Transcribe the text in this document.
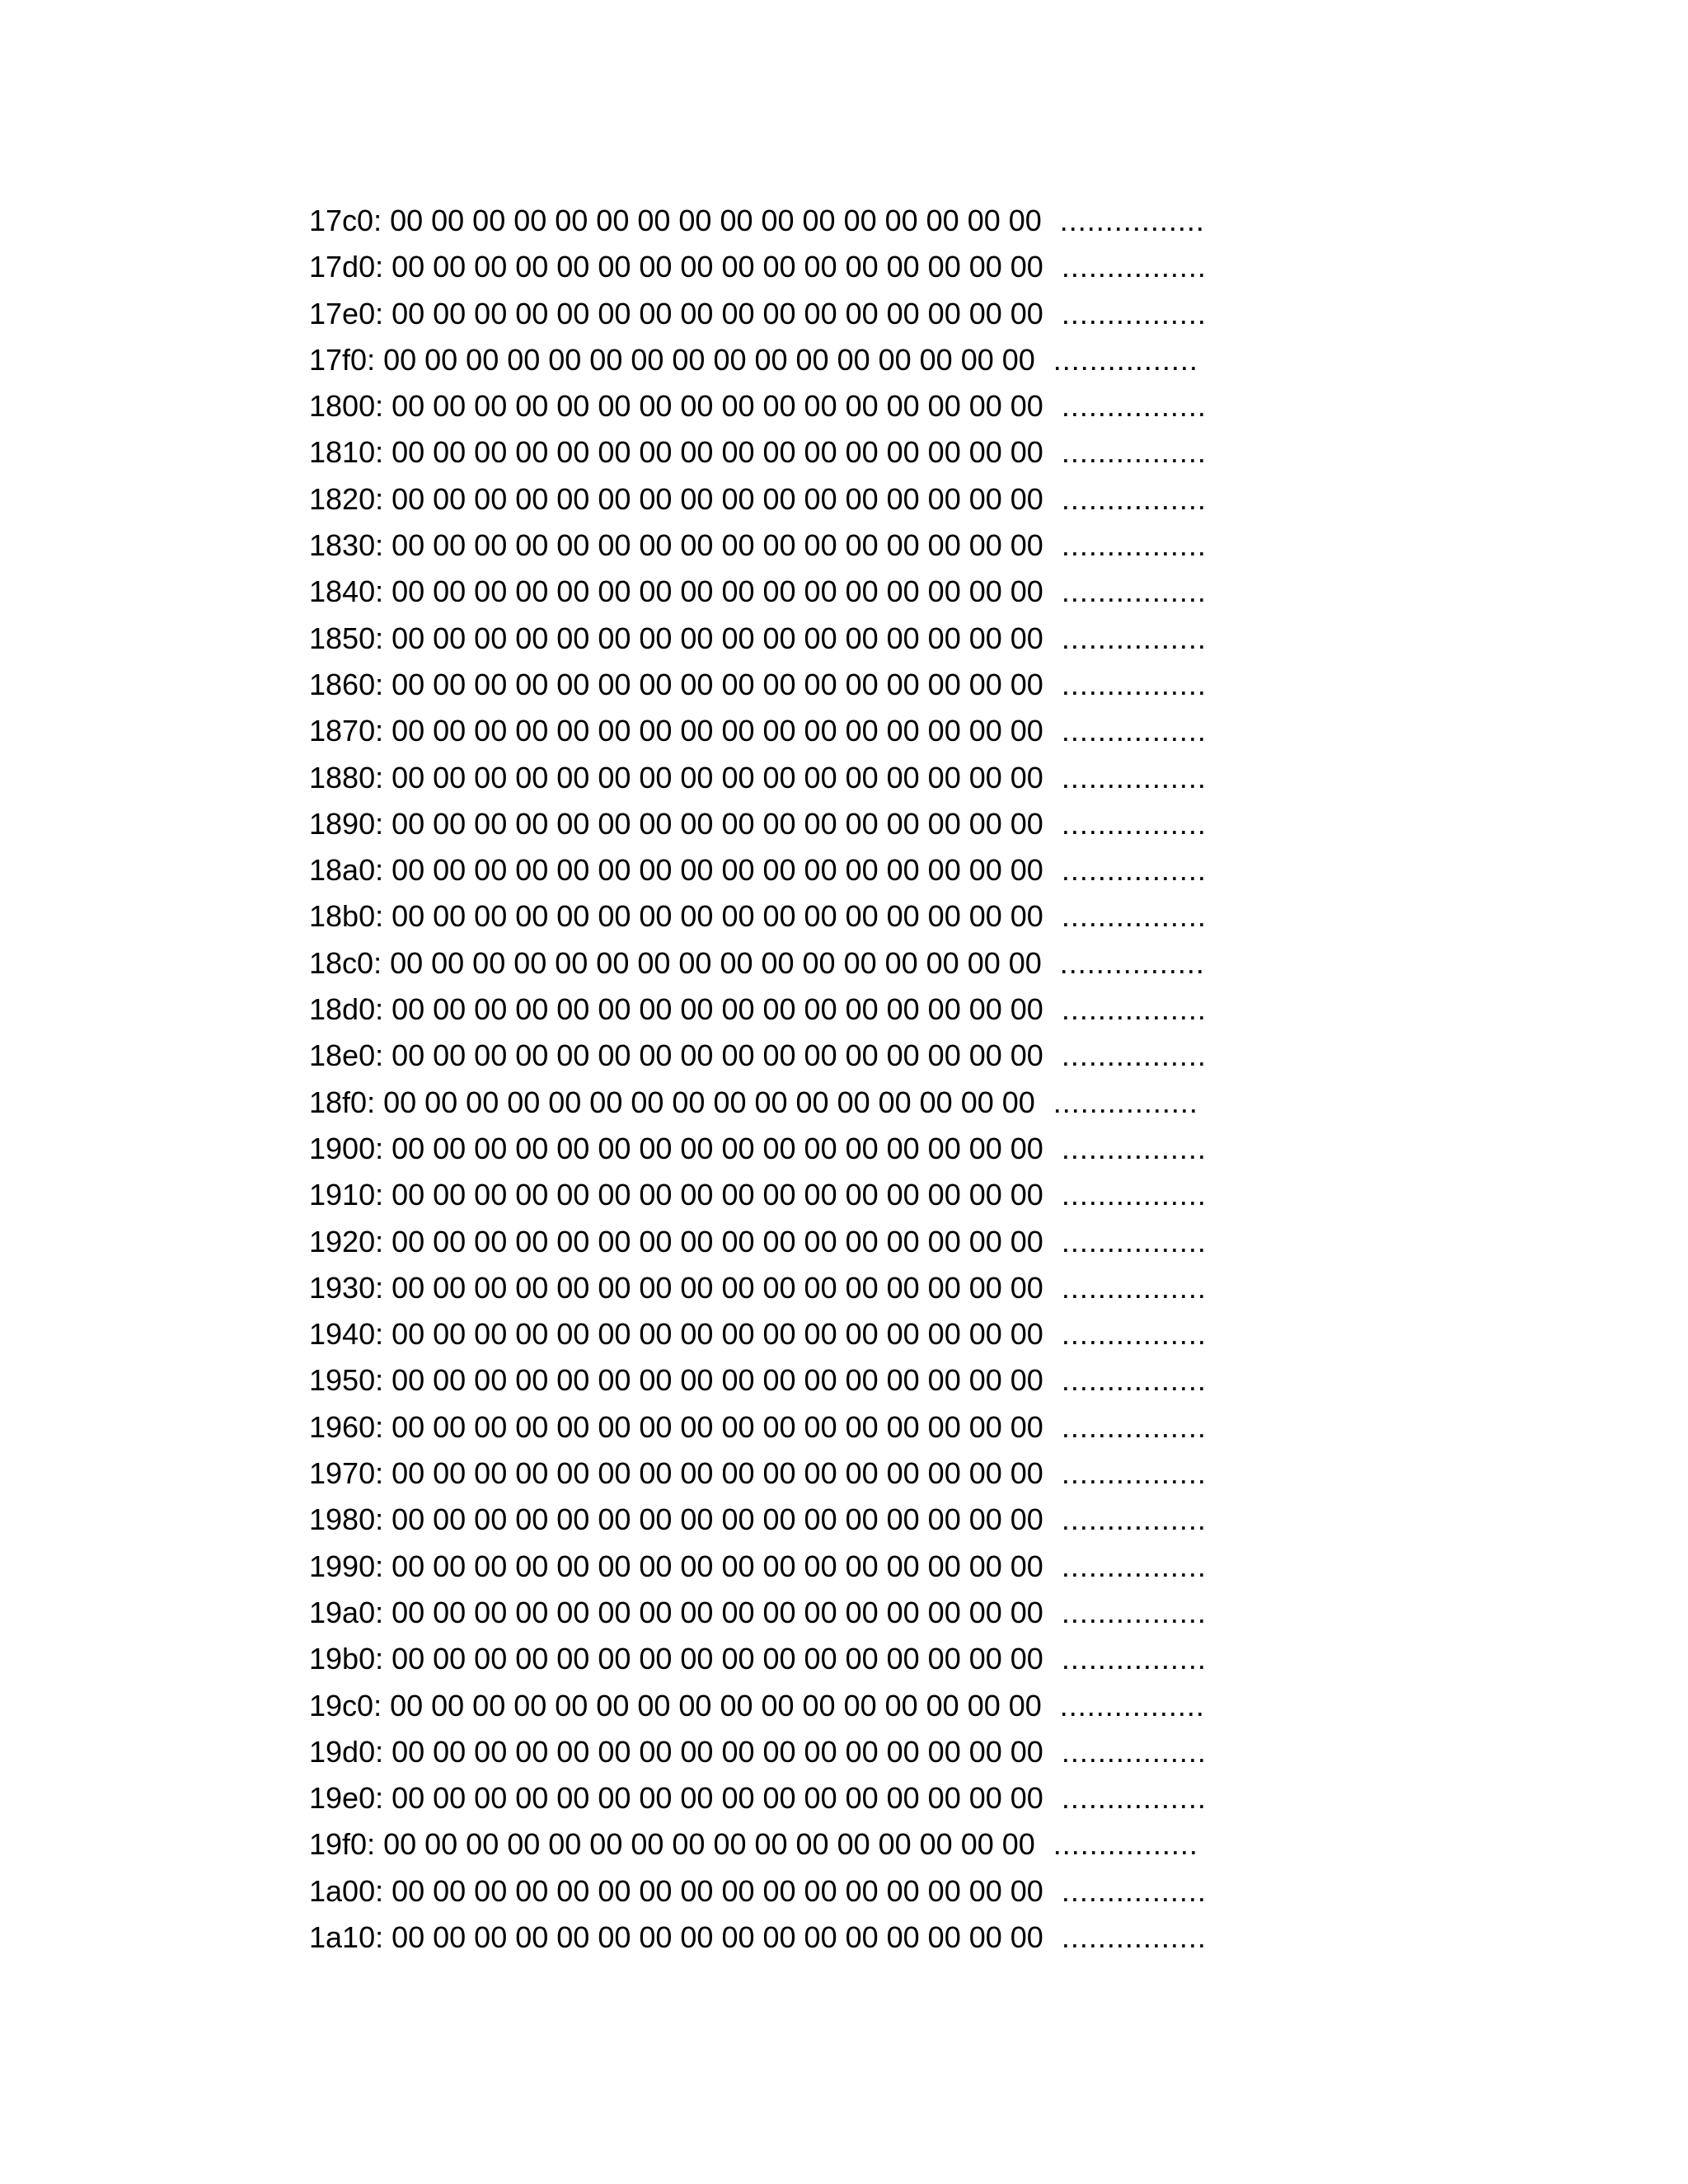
17c0: 00 00 00 00 00 00 00 00 00 00 00 00 00 00 00 00 ................
17d0: 00 00 00 00 00 00 00 00 00 00 00 00 00 00 00 00 ................
17e0: 00 00 00 00 00 00 00 00 00 00 00 00 00 00 00 00 ................
17f0: 00 00 00 00 00 00 00 00 00 00 00 00 00 00 00 00 ................
1800: 00 00 00 00 00 00 00 00 00 00 00 00 00 00 00 00 ................
1810: 00 00 00 00 00 00 00 00 00 00 00 00 00 00 00 00 ................
1820: 00 00 00 00 00 00 00 00 00 00 00 00 00 00 00 00 ................
1830: 00 00 00 00 00 00 00 00 00 00 00 00 00 00 00 00 ................
1840: 00 00 00 00 00 00 00 00 00 00 00 00 00 00 00 00 ................
1850: 00 00 00 00 00 00 00 00 00 00 00 00 00 00 00 00 ................
1860: 00 00 00 00 00 00 00 00 00 00 00 00 00 00 00 00 ................
1870: 00 00 00 00 00 00 00 00 00 00 00 00 00 00 00 00 ................
1880: 00 00 00 00 00 00 00 00 00 00 00 00 00 00 00 00 ................
1890: 00 00 00 00 00 00 00 00 00 00 00 00 00 00 00 00 ................
18a0: 00 00 00 00 00 00 00 00 00 00 00 00 00 00 00 00 ................
18b0: 00 00 00 00 00 00 00 00 00 00 00 00 00 00 00 00 ................
18c0: 00 00 00 00 00 00 00 00 00 00 00 00 00 00 00 00 ................
18d0: 00 00 00 00 00 00 00 00 00 00 00 00 00 00 00 00 ................
18e0: 00 00 00 00 00 00 00 00 00 00 00 00 00 00 00 00 ................
18f0: 00 00 00 00 00 00 00 00 00 00 00 00 00 00 00 00 ................
1900: 00 00 00 00 00 00 00 00 00 00 00 00 00 00 00 00 ................
1910: 00 00 00 00 00 00 00 00 00 00 00 00 00 00 00 00 ................
1920: 00 00 00 00 00 00 00 00 00 00 00 00 00 00 00 00 ................
1930: 00 00 00 00 00 00 00 00 00 00 00 00 00 00 00 00 ................
1940: 00 00 00 00 00 00 00 00 00 00 00 00 00 00 00 00 ................
1950: 00 00 00 00 00 00 00 00 00 00 00 00 00 00 00 00 ................
1960: 00 00 00 00 00 00 00 00 00 00 00 00 00 00 00 00 ................
1970: 00 00 00 00 00 00 00 00 00 00 00 00 00 00 00 00 ................
1980: 00 00 00 00 00 00 00 00 00 00 00 00 00 00 00 00 ................
1990: 00 00 00 00 00 00 00 00 00 00 00 00 00 00 00 00 ................
19a0: 00 00 00 00 00 00 00 00 00 00 00 00 00 00 00 00 ................
19b0: 00 00 00 00 00 00 00 00 00 00 00 00 00 00 00 00 ................
19c0: 00 00 00 00 00 00 00 00 00 00 00 00 00 00 00 00 ................
19d0: 00 00 00 00 00 00 00 00 00 00 00 00 00 00 00 00 ................
19e0: 00 00 00 00 00 00 00 00 00 00 00 00 00 00 00 00 ................
19f0: 00 00 00 00 00 00 00 00 00 00 00 00 00 00 00 00 ................
1a00: 00 00 00 00 00 00 00 00 00 00 00 00 00 00 00 00 ................
1a10: 00 00 00 00 00 00 00 00 00 00 00 00 00 00 00 00 ................
